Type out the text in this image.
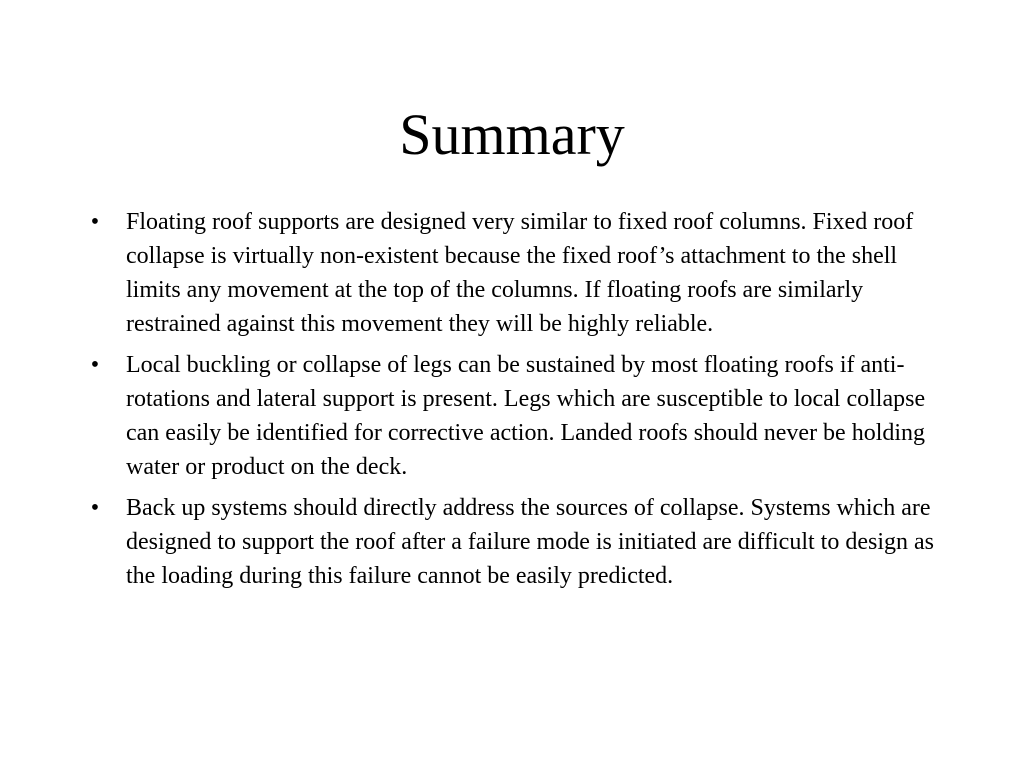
Summary
• Floating roof supports are designed very similar to fixed roof columns. Fixed roof collapse is virtually non-existent because the fixed roof’s attachment to the shell limits any movement at the top of the columns. If floating roofs are similarly restrained against this movement they will be highly reliable.
• Local buckling or collapse of legs can be sustained by most floating roofs if anti-rotations and lateral support is present. Legs which are susceptible to local collapse can easily be identified for corrective action. Landed roofs should never be holding water or product on the deck.
• Back up systems should directly address the sources of collapse. Systems which are designed to support the roof after a failure mode is initiated are difficult to design as the loading during this failure cannot be easily predicted.
